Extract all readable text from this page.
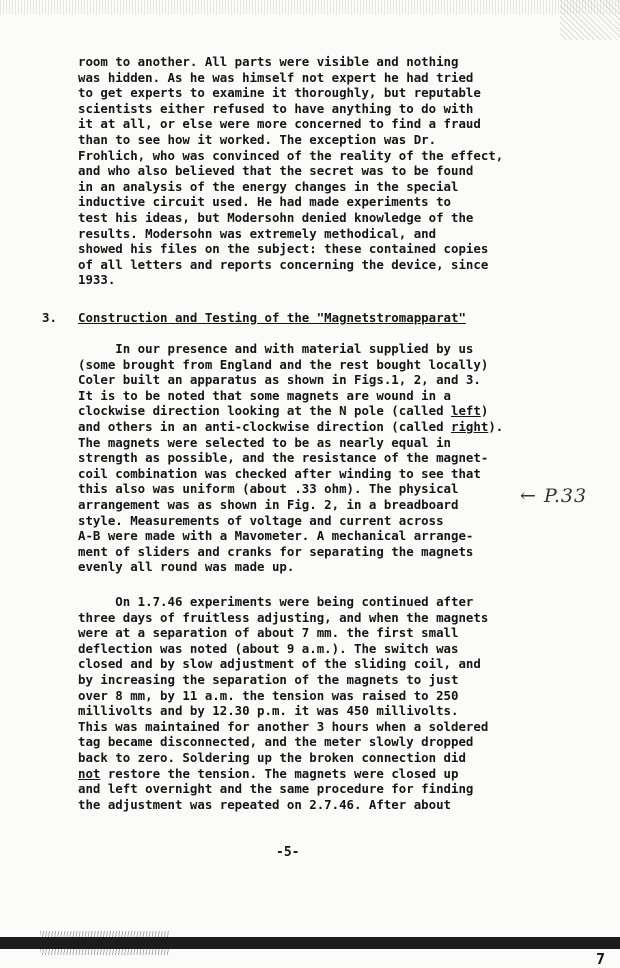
room to another. All parts were visible and nothing
was hidden. As he was himself not expert he had tried
to get experts to examine it thoroughly, but reputable
scientists either refused to have anything to do with
it at all, or else were more concerned to find a fraud
than to see how it worked. The exception was Dr.
Frohlich, who was convinced of the reality of the effect,
and who also believed that the secret was to be found
in an analysis of the energy changes in the special
inductive circuit used. He had made experiments to
test his ideas, but Modersohn denied knowledge of the
results. Modersohn was extremely methodical, and
showed his files on the subject: these contained copies
of all letters and reports concerning the device, since
1933.
3. Construction and Testing of the "Magnetstromapparat"
In our presence and with material supplied by us
(some brought from England and the rest bought locally)
Coler built an apparatus as shown in Figs.1, 2, and 3.
It is to be noted that some magnets are wound in a
clockwise direction looking at the N pole (called left)
and others in an anti-clockwise direction (called right).
The magnets were selected to be as nearly equal in
strength as possible, and the resistance of the magnet-
coil combination was checked after winding to see that
this also was uniform (about .33 ohm). The physical
arrangement was as shown in Fig. 2, in a breadboard
style. Measurements of voltage and current across
A-B were made with a Mavometer. A mechanical arrange-
ment of sliders and cranks for separating the magnets
evenly all round was made up.
← P.33
On 1.7.46 experiments were being continued after
three days of fruitless adjusting, and when the magnets
were at a separation of about 7 mm. the first small
deflection was noted (about 9 a.m.). The switch was
closed and by slow adjustment of the sliding coil, and
by increasing the separation of the magnets to just
over 8 mm, by 11 a.m. the tension was raised to 250
millivolts and by 12.30 p.m. it was 450 millivolts.
This was maintained for another 3 hours when a soldered
tag became disconnected, and the meter slowly dropped
back to zero. Soldering up the broken connection did
not restore the tension. The magnets were closed up
and left overnight and the same procedure for finding
the adjustment was repeated on 2.7.46. After about
-5-
7
